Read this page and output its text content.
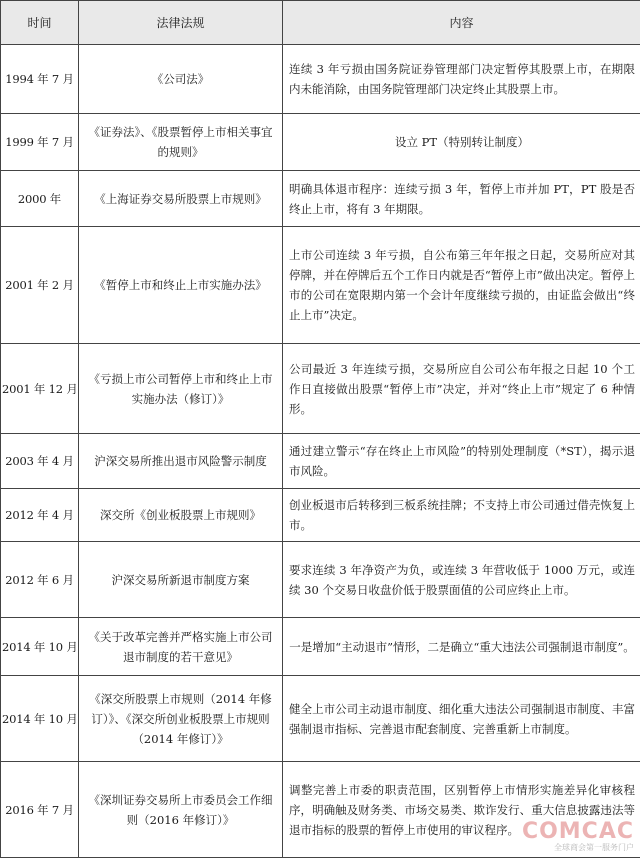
时间	法律法规	内容
1994 年 7 月	《公司法》	连续 3 年亏损由国务院证券管理部门决定暂停其股票上市，在期限内未能消除，由国务院管理部门决定终止其股票上市。
1999 年 7 月	《证券法》、《股票暂停上市相关事宜的规则》	设立 PT（特别转让制度）
2000 年	《上海证券交易所股票上市规则》	明确具体退市程序：连续亏损 3 年，暂停上市并加 PT，PT 股是否终止上市，将有 3 年期限。
2001 年 2 月	《暂停上市和终止上市实施办法》	上市公司连续 3 年亏损，自公布第三年年报之日起，交易所应对其停牌，并在停牌后五个工作日内就是否“暂停上市”做出决定。暂停上市的公司在宽限期内第一个会计年度继续亏损的，由证监会做出“终止上市”决定。
2001 年 12 月	《亏损上市公司暂停上市和终止上市实施办法（修订）》	公司最近 3 年连续亏损，交易所应自公司公布年报之日起 10 个工作日直接做出股票“暂停上市”决定，并对“终止上市”规定了 6 种情形。
2003 年 4 月	沪深交易所推出退市风险警示制度	通过建立警示“存在终止上市风险”的特别处理制度（*ST），揭示退市风险。
2012 年 4 月	深交所《创业板股票上市规则》	创业板退市后转移到三板系统挂牌；不支持上市公司通过借壳恢复上市。
2012 年 6 月	沪深交易所新退市制度方案	要求连续 3 年净资产为负，或连续 3 年营收低于 1000 万元，或连续 30 个交易日收盘价低于股票面值的公司应终止上市。
2014 年 10 月	《关于改革完善并严格实施上市公司退市制度的若干意见》	一是增加“主动退市”情形，二是确立“重大违法公司强制退市制度”。
2014 年 10 月	《深交所股票上市规则（2014 年修订）》、《深交所创业板股票上市规则（2014 年修订）》	健全上市公司主动退市制度、细化重大违法公司强制退市制度、丰富强制退市指标、完善退市配套制度、完善重新上市制度。
2016 年 7 月	《深圳证券交易所上市委员会工作细则（2016 年修订）》	调整完善上市委的职责范围，区别暂停上市情形实施差异化审核程序，明确触及财务类、市场交易类、欺诈发行、重大信息披露违法等退市指标的股票的暂停上市使用的审议程序。 COMCAC
全球商会第一服务门户
